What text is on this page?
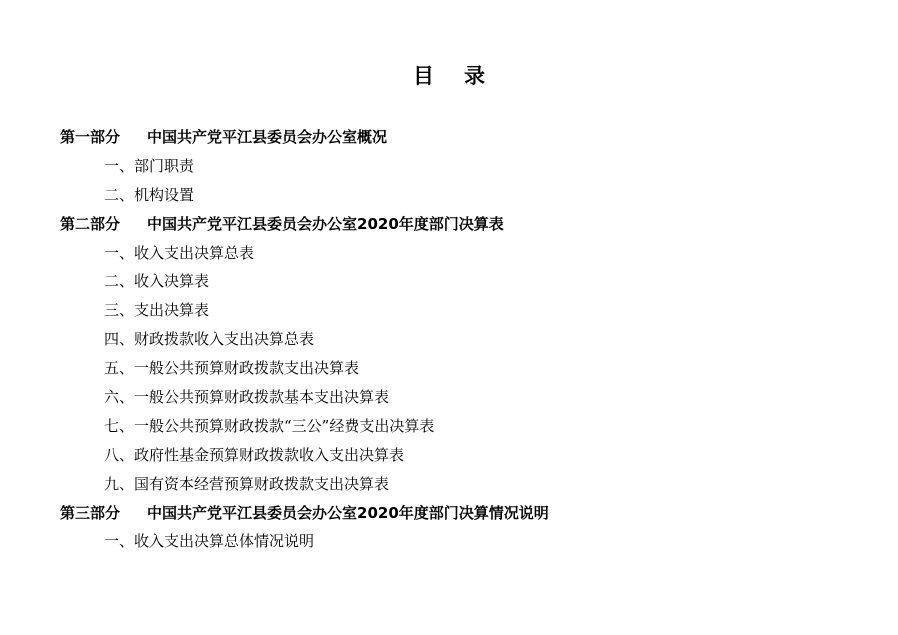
目录
第一部分 中国共产党平江县委员会办公室概况
一、部门职责
二、机构设置
第二部分 中国共产党平江县委员会办公室2020年度部门决算表
一、收入支出决算总表
二、收入决算表
三、支出决算表
四、财政拨款收入支出决算总表
五、一般公共预算财政拨款支出决算表
六、一般公共预算财政拨款基本支出决算表
七、一般公共预算财政拨款“三公”经费支出决算表
八、政府性基金预算财政拨款收入支出决算表
九、国有资本经营预算财政拨款支出决算表
第三部分 中国共产党平江县委员会办公室2020年度部门决算情况说明
一、收入支出决算总体情况说明
